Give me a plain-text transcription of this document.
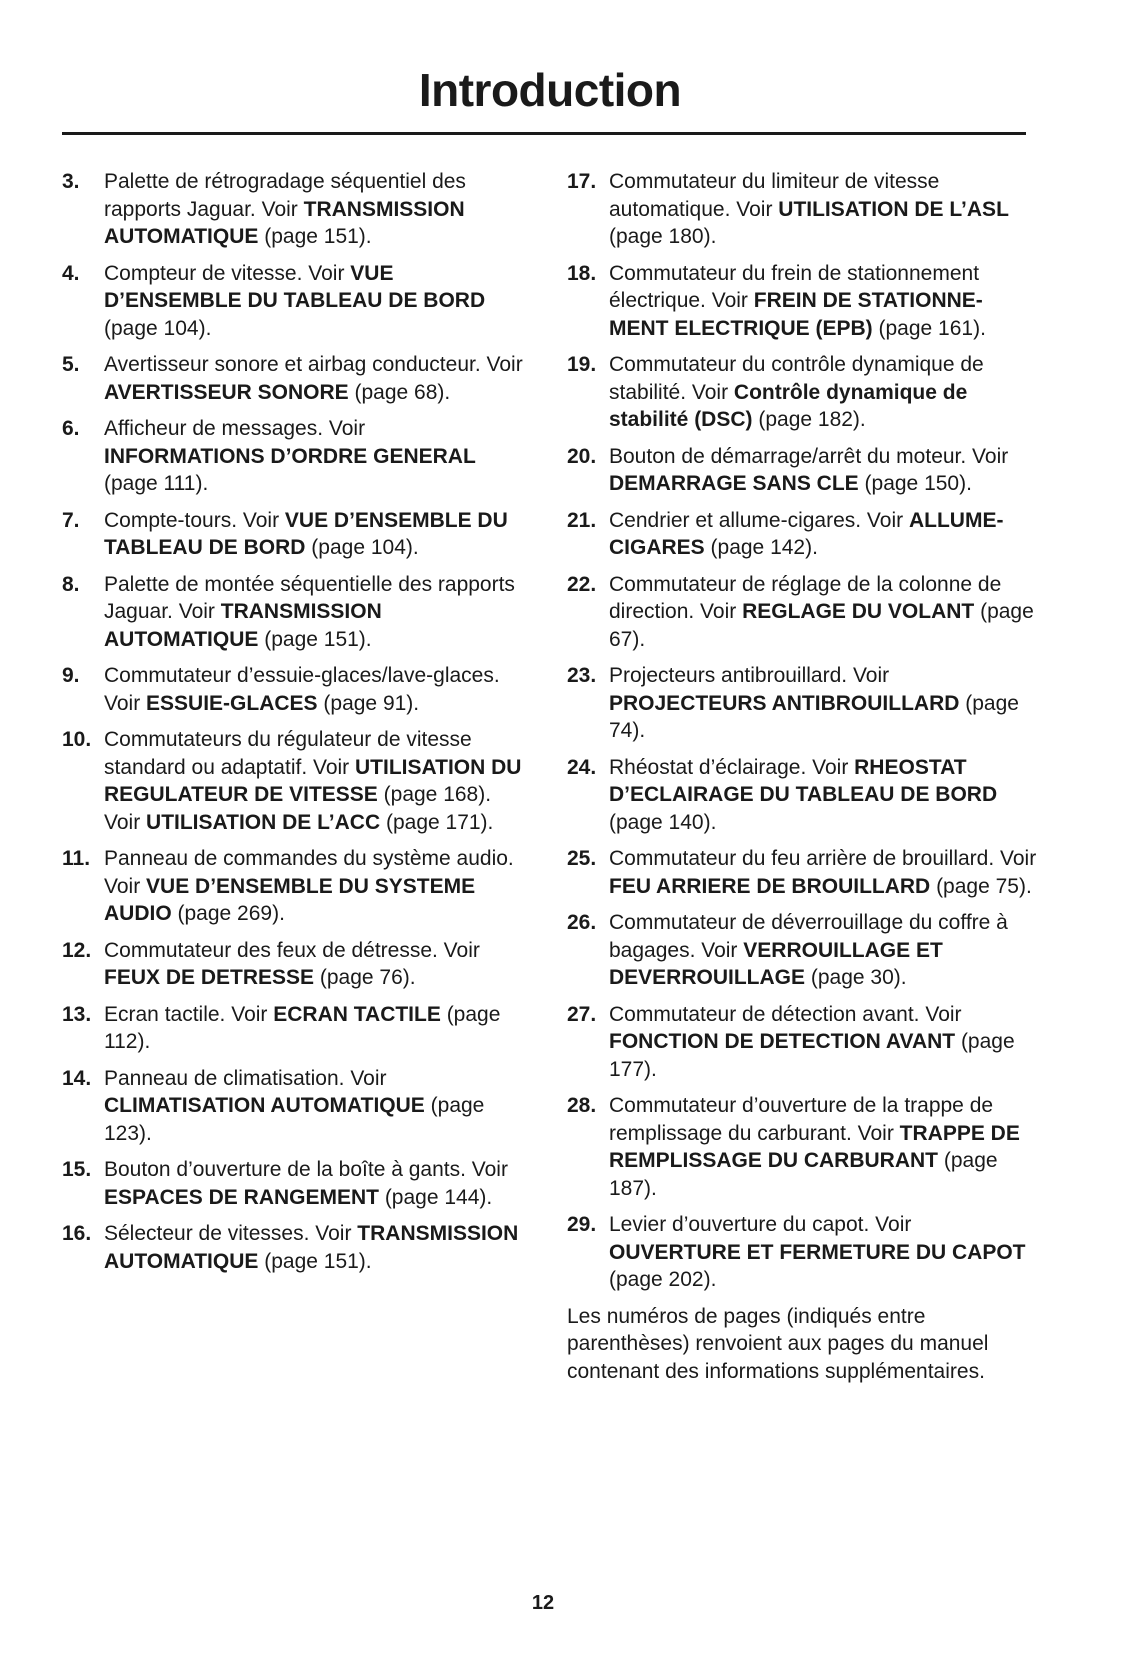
Introduction
3.	Palette de rétrogradage séquentiel des rapports Jaguar. Voir TRANSMISSION AUTOMATIQUE (page 151).
4.	Compteur de vitesse. Voir VUE D’ENSEMBLE DU TABLEAU DE BORD (page 104).
5.	Avertisseur sonore et airbag conducteur. Voir AVERTISSEUR SONORE (page 68).
6.	Afficheur de messages. Voir INFORMATIONS D’ORDRE GENERAL (page 111).
7.	Compte-tours. Voir VUE D’ENSEMBLE DU TABLEAU DE BORD (page 104).
8.	Palette de montée séquentielle des rapports Jaguar. Voir TRANSMISSION AUTOMATIQUE (page 151).
9.	Commutateur d’essuie-glaces/lave-glaces. Voir ESSUIE-GLACES (page 91).
10. Commutateurs du régulateur de vitesse standard ou adaptatif. Voir UTILISATION DU REGULATEUR DE VITESSE (page 168). Voir UTILISATION DE L’ACC (page 171).
11. Panneau de commandes du système audio. Voir VUE D’ENSEMBLE DU SYSTEME AUDIO (page 269).
12. Commutateur des feux de détresse. Voir FEUX DE DETRESSE (page 76).
13. Ecran tactile. Voir ECRAN TACTILE (page 112).
14. Panneau de climatisation. Voir CLIMATISATION AUTOMATIQUE (page 123).
15. Bouton d’ouverture de la boîte à gants. Voir ESPACES DE RANGEMENT (page 144).
16. Sélecteur de vitesses. Voir TRANSMISSION AUTOMATIQUE (page 151).
17. Commutateur du limiteur de vitesse automatique. Voir UTILISATION DE L’ASL (page 180).
18. Commutateur du frein de stationnement électrique. Voir FREIN DE STATIONNE-MENT ELECTRIQUE (EPB) (page 161).
19. Commutateur du contrôle dynamique de stabilité. Voir Contrôle dynamique de stabilité (DSC) (page 182).
20. Bouton de démarrage/arrêt du moteur. Voir DEMARRAGE SANS CLE (page 150).
21. Cendrier et allume-cigares. Voir ALLUME-CIGARES (page 142).
22. Commutateur de réglage de la colonne de direction. Voir REGLAGE DU VOLANT (page 67).
23. Projecteurs antibrouillard. Voir PROJECTEURS ANTIBROUILLARD (page 74).
24. Rhéostat d’éclairage. Voir RHEOSTAT D’ECLAIRAGE DU TABLEAU DE BORD (page 140).
25. Commutateur du feu arrière de brouillard. Voir FEU ARRIERE DE BROUILLARD (page 75).
26. Commutateur de déverrouillage du coffre à bagages. Voir VERROUILLAGE ET DEVERROUILLAGE (page 30).
27. Commutateur de détection avant. Voir FONCTION DE DETECTION AVANT (page 177).
28. Commutateur d’ouverture de la trappe de remplissage du carburant. Voir TRAPPE DE REMPLISSAGE DU CARBURANT (page 187).
29. Levier d’ouverture du capot. Voir OUVERTURE ET FERMETURE DU CAPOT (page 202).
Les numéros de pages (indiqués entre parenthèses) renvoient aux pages du manuel contenant des informations supplémentaires.
12
